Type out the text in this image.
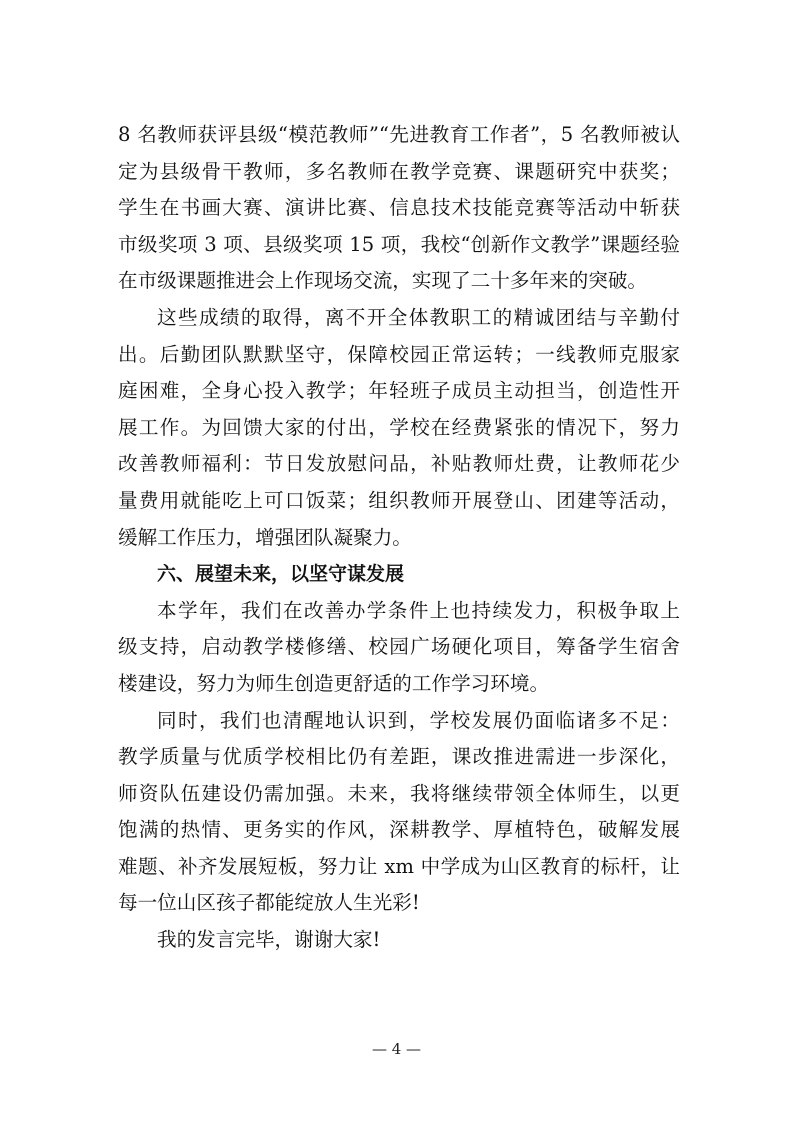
8 名教师获评县级“模范教师”“先进教育工作者”，5 名教师被认
定为县级骨干教师，多名教师在教学竞赛、课题研究中获奖；
学生在书画大赛、演讲比赛、信息技术技能竞赛等活动中斩获
市级奖项 3 项、县级奖项 15 项，我校“创新作文教学”课题经验
在市级课题推进会上作现场交流，实现了二十多年来的突破。
这些成绩的取得，离不开全体教职工的精诚团结与辛勤付
出。后勤团队默默坚守，保障校园正常运转；一线教师克服家
庭困难，全身心投入教学；年轻班子成员主动担当，创造性开
展工作。为回馈大家的付出，学校在经费紧张的情况下，努力
改善教师福利：节日发放慰问品，补贴教师灶费，让教师花少
量费用就能吃上可口饭菜；组织教师开展登山、团建等活动，
缓解工作压力，增强团队凝聚力。
六、展望未来，以坚守谋发展
本学年，我们在改善办学条件上也持续发力，积极争取上
级支持，启动教学楼修缮、校园广场硬化项目，筹备学生宿舍
楼建设，努力为师生创造更舒适的工作学习环境。
同时，我们也清醒地认识到，学校发展仍面临诸多不足：
教学质量与优质学校相比仍有差距，课改推进需进一步深化，
师资队伍建设仍需加强。未来，我将继续带领全体师生，以更
饱满的热情、更务实的作风，深耕教学、厚植特色，破解发展
难题、补齐发展短板，努力让 xm 中学成为山区教育的标杆，让
每一位山区孩子都能绽放人生光彩!
我的发言完毕，谢谢大家!
— 4 —
